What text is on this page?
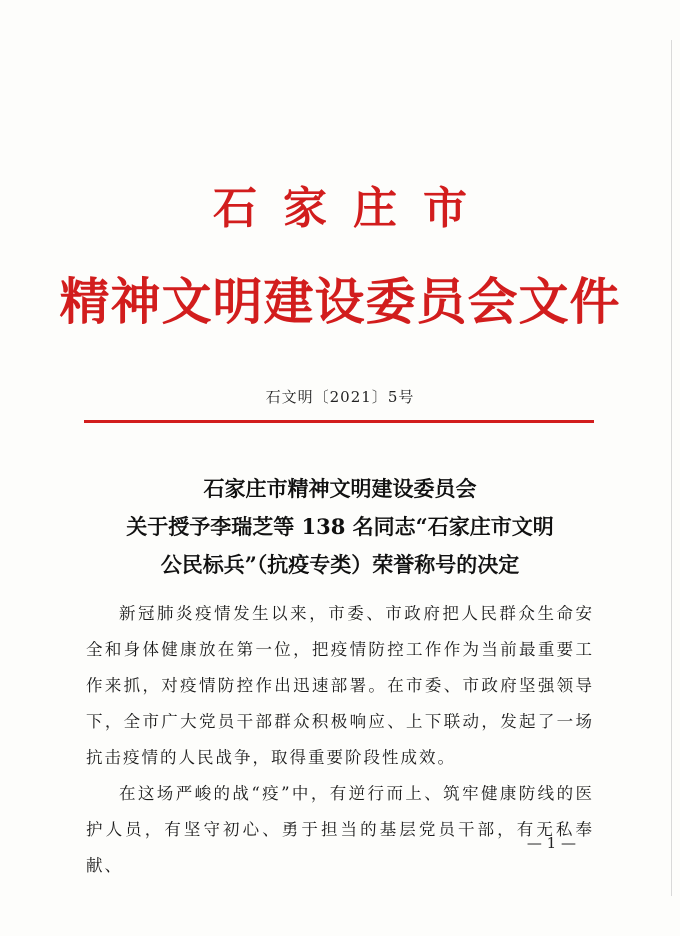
石家庄市
精神文明建设委员会文件
石文明〔2021〕5号
石家庄市精神文明建设委员会
关于授予李瑞芝等 138 名同志“石家庄市文明
公民标兵”（抗疫专类）荣誉称号的决定

新冠肺炎疫情发生以来，市委、市政府把人民群众生命安全和身体健康放在第一位，把疫情防控工作作为当前最重要工作来抓，对疫情防控作出迅速部署。在市委、市政府坚强领导下，全市广大党员干部群众积极响应、上下联动，发起了一场抗击疫情的人民战争，取得重要阶段性成效。

在这场严峻的战“疫”中，有逆行而上、筑牢健康防线的医护人员，有坚守初心、勇于担当的基层党员干部，有无私奉献、

— 1 —
